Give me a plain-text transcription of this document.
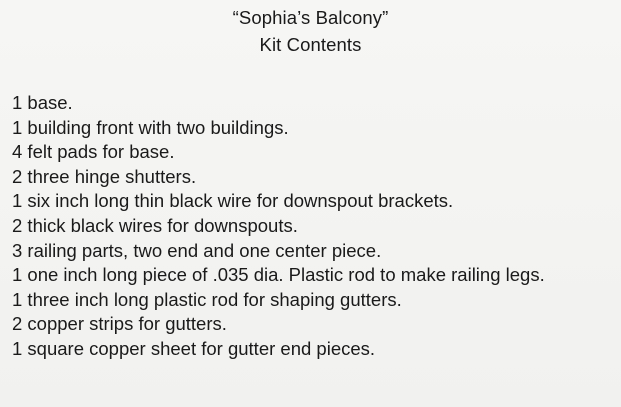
“Sophia’s Balcony”
Kit Contents
1 base.
1 building front with two buildings.
4 felt pads for base.
2 three hinge shutters.
1 six inch long thin black wire for downspout brackets.
2 thick black wires for downspouts.
3 railing parts, two end and one center piece.
1 one inch long piece of .035 dia. Plastic rod to make railing legs.
1 three inch long plastic rod for shaping gutters.
2 copper strips for gutters.
1 square copper sheet for gutter end pieces.
